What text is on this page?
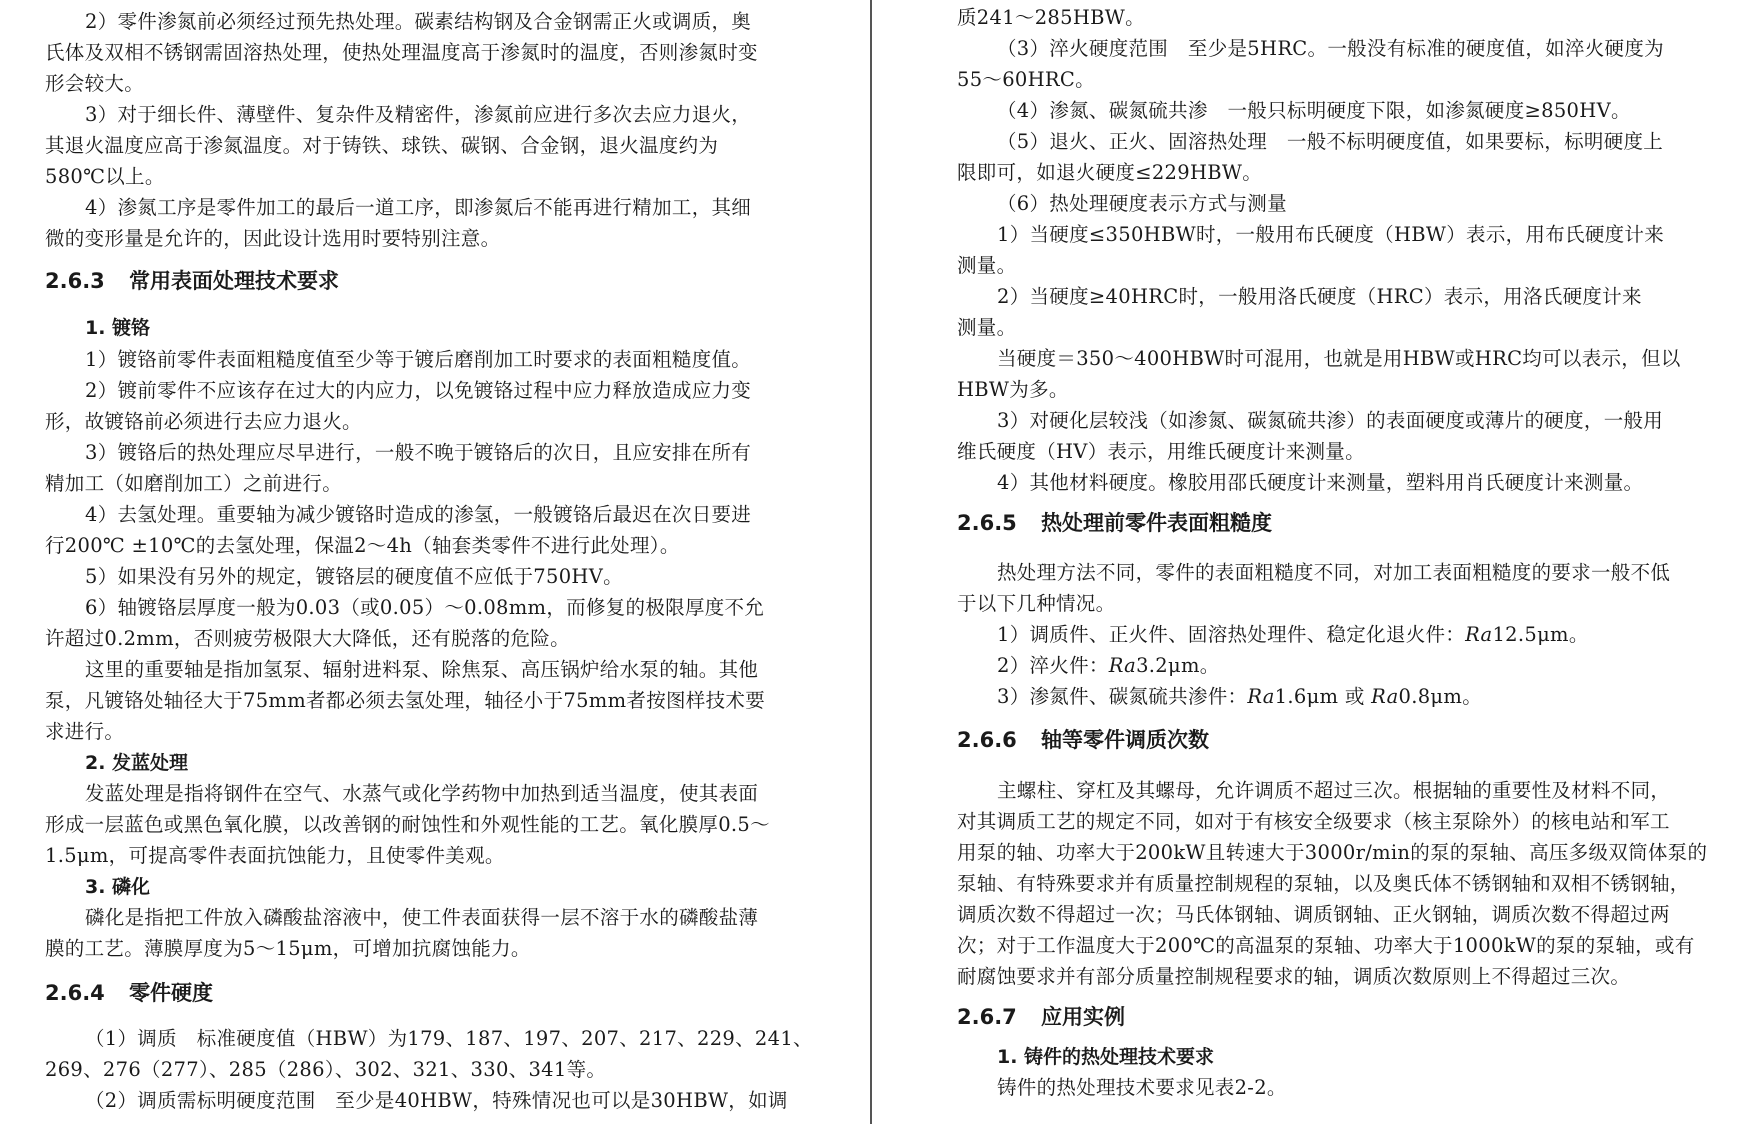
2）零件渗氮前必须经过预先热处理。碳素结构钢及合金钢需正火或调质，奥
氏体及双相不锈钢需固溶热处理，使热处理温度高于渗氮时的温度，否则渗氮时变
形会较大。
3）对于细长件、薄壁件、复杂件及精密件，渗氮前应进行多次去应力退火，
其退火温度应高于渗氮温度。对于铸铁、球铁、碳钢、合金钢，退火温度约为
580℃以上。
4）渗氮工序是零件加工的最后一道工序，即渗氮后不能再进行精加工，其细
微的变形量是允许的，因此设计选用时要特别注意。
1）镀铬前零件表面粗糙度值至少等于镀后磨削加工时要求的表面粗糙度值。
2）镀前零件不应该存在过大的内应力，以免镀铬过程中应力释放造成应力变
形，故镀铬前必须进行去应力退火。
3）镀铬后的热处理应尽早进行，一般不晚于镀铬后的次日，且应安排在所有
精加工（如磨削加工）之前进行。
4）去氢处理。重要轴为减少镀铬时造成的渗氢，一般镀铬后最迟在次日要进
行200℃ ±10℃的去氢处理，保温2～4h（轴套类零件不进行此处理）。
5）如果没有另外的规定，镀铬层的硬度值不应低于750HV。
6）轴镀铬层厚度一般为0.03（或0.05）～0.08mm，而修复的极限厚度不允
许超过0.2mm，否则疲劳极限大大降低，还有脱落的危险。
这里的重要轴是指加氢泵、辐射进料泵、除焦泵、高压锅炉给水泵的轴。其他
泵，凡镀铬处轴径大于75mm者都必须去氢处理，轴径小于75mm者按图样技术要
求进行。
发蓝处理是指将钢件在空气、水蒸气或化学药物中加热到适当温度，使其表面
形成一层蓝色或黑色氧化膜，以改善钢的耐蚀性和外观性能的工艺。氧化膜厚0.5～
1.5μm，可提高零件表面抗蚀能力，且使零件美观。
磷化是指把工件放入磷酸盐溶液中，使工件表面获得一层不溶于水的磷酸盐薄
膜的工艺。薄膜厚度为5～15μm，可增加抗腐蚀能力。
（1）调质　标准硬度值（HBW）为179、187、197、207、217、229、241、
269、276（277）、285（286）、302、321、330、341等。
（2）调质需标明硬度范围　至少是40HBW，特殊情况也可以是30HBW，如调
2.6.3 常用表面处理技术要求
2.6.4 零件硬度
1. 镀铬
2. 发蓝处理
3. 磷化
质241～285HBW。
（3）淬火硬度范围　至少是5HRC。一般没有标准的硬度值，如淬火硬度为
55～60HRC。
（4）渗氮、碳氮硫共渗　一般只标明硬度下限，如渗氮硬度≥850HV。
（5）退火、正火、固溶热处理　一般不标明硬度值，如果要标，标明硬度上
限即可，如退火硬度≤229HBW。
（6）热处理硬度表示方式与测量
1）当硬度≤350HBW时，一般用布氏硬度（HBW）表示，用布氏硬度计来
测量。
2）当硬度≥40HRC时，一般用洛氏硬度（HRC）表示，用洛氏硬度计来
测量。
当硬度＝350～400HBW时可混用，也就是用HBW或HRC均可以表示，但以
HBW为多。
3）对硬化层较浅（如渗氮、碳氮硫共渗）的表面硬度或薄片的硬度，一般用
维氏硬度（HV）表示，用维氏硬度计来测量。
4）其他材料硬度。橡胶用邵氏硬度计来测量，塑料用肖氏硬度计来测量。
热处理方法不同，零件的表面粗糙度不同，对加工表面粗糙度的要求一般不低
于以下几种情况。
1）调质件、正火件、固溶热处理件、稳定化退火件：Ra12.5μm。
2）淬火件：Ra3.2μm。
3）渗氮件、碳氮硫共渗件：Ra1.6μm 或 Ra0.8μm。
主螺柱、穿杠及其螺母，允许调质不超过三次。根据轴的重要性及材料不同，
对其调质工艺的规定不同，如对于有核安全级要求（核主泵除外）的核电站和军工
用泵的轴、功率大于200kW且转速大于3000r/min的泵的泵轴、高压多级双筒体泵的
泵轴、有特殊要求并有质量控制规程的泵轴，以及奥氏体不锈钢轴和双相不锈钢轴，
调质次数不得超过一次；马氏体钢轴、调质钢轴、正火钢轴，调质次数不得超过两
次；对于工作温度大于200℃的高温泵的泵轴、功率大于1000kW的泵的泵轴，或有
耐腐蚀要求并有部分质量控制规程要求的轴，调质次数原则上不得超过三次。
铸件的热处理技术要求见表2-2。
2.6.5 热处理前零件表面粗糙度
2.6.6 轴等零件调质次数
2.6.7 应用实例
1. 铸件的热处理技术要求
